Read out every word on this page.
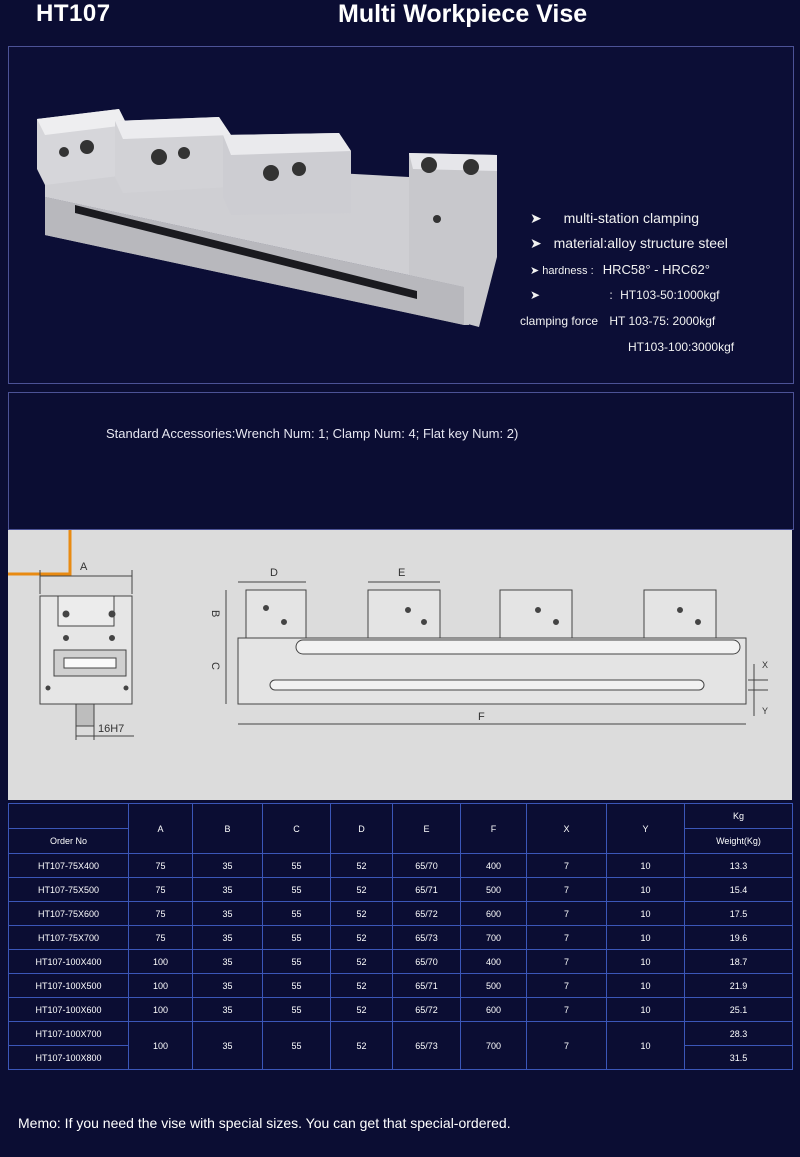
HT107	Multi Workpiece Vise
➤ multi-station clamping
➤ material:alloy structure steel
➤ hardness : HRC58° - HRC62°
➤	: HT103-50:1000kgf
clamping force HT 103-75: 2000kgf
HT103-100:3000kgf
Standard Accessories:Wrench Num: 1; Clamp Num: 4; Flat key Num: 2)
A
16H7
D	E
F
B
C	X
Y
	A	B	C	D	E	F	X	Y	Kg
Order No									Weight(Kg)
HT107-75X400	75	35	55	52	65/70	400	7	10	13.3
HT107-75X500	75	35	55	52	65/71	500	7	10	15.4
HT107-75X600	75	35	55	52	65/72	600	7	10	17.5
HT107-75X700	75	35	55	52	65/73	700	7	10	19.6
HT107-100X400	100	35	55	52	65/70	400	7	10	18.7
HT107-100X500	100	35	55	52	65/71	500	7	10	21.9
HT107-100X600	100	35	55	52	65/72	600	7	10	25.1
HT107-100X700	100	35	55	52	65/73	700	7	10	28.3
HT107-100X800									31.5
Memo: If you need the vise with special sizes. You can get that special-ordered.
